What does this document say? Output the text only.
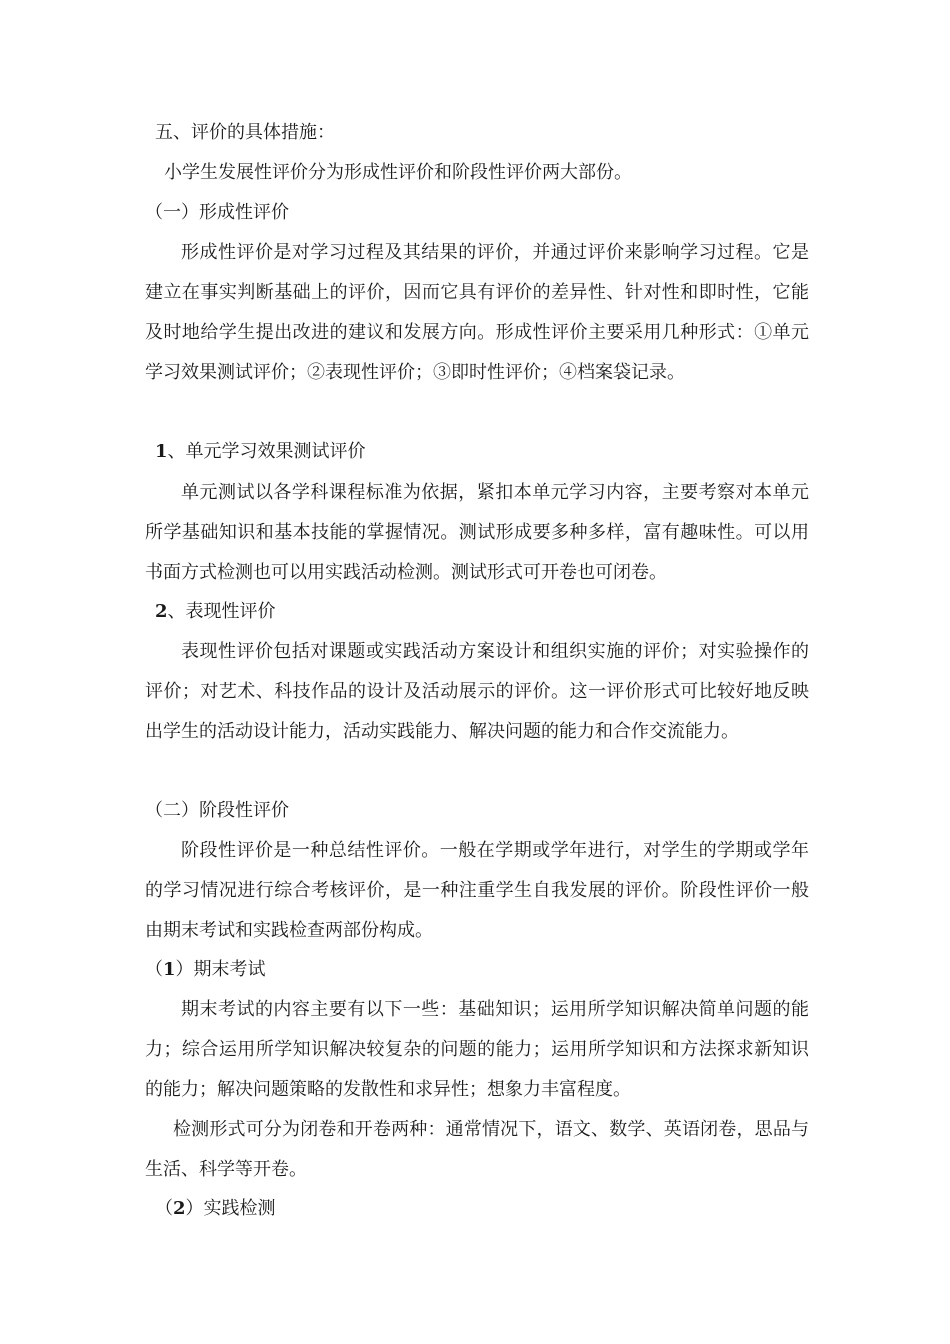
五、评价的具体措施：
小学生发展性评价分为形成性评价和阶段性评价两大部份。
（一）形成性评价
形成性评价是对学习过程及其结果的评价，并通过评价来影响学习过程。它是建立在事实判断基础上的评价，因而它具有评价的差异性、针对性和即时性，它能及时地给学生提出改进的建议和发展方向。形成性评价主要采用几种形式：①单元学习效果测试评价；②表现性评价；③即时性评价；④档案袋记录。
1、单元学习效果测试评价
单元测试以各学科课程标准为依据，紧扣本单元学习内容，主要考察对本单元所学基础知识和基本技能的掌握情况。测试形成要多种多样，富有趣味性。可以用书面方式检测也可以用实践活动检测。测试形式可开卷也可闭卷。
2、表现性评价
表现性评价包括对课题或实践活动方案设计和组织实施的评价；对实验操作的评价；对艺术、科技作品的设计及活动展示的评价。这一评价形式可比较好地反映出学生的活动设计能力，活动实践能力、解决问题的能力和合作交流能力。
（二）阶段性评价
阶段性评价是一种总结性评价。一般在学期或学年进行，对学生的学期或学年的学习情况进行综合考核评价，是一种注重学生自我发展的评价。阶段性评价一般由期末考试和实践检查两部份构成。
（1）期末考试
期末考试的内容主要有以下一些：基础知识；运用所学知识解决简单问题的能力；综合运用所学知识解决较复杂的问题的能力；运用所学知识和方法探求新知识的能力；解决问题策略的发散性和求异性；想象力丰富程度。
检测形式可分为闭卷和开卷两种：通常情况下，语文、数学、英语闭卷，思品与生活、科学等开卷。
（2）实践检测
